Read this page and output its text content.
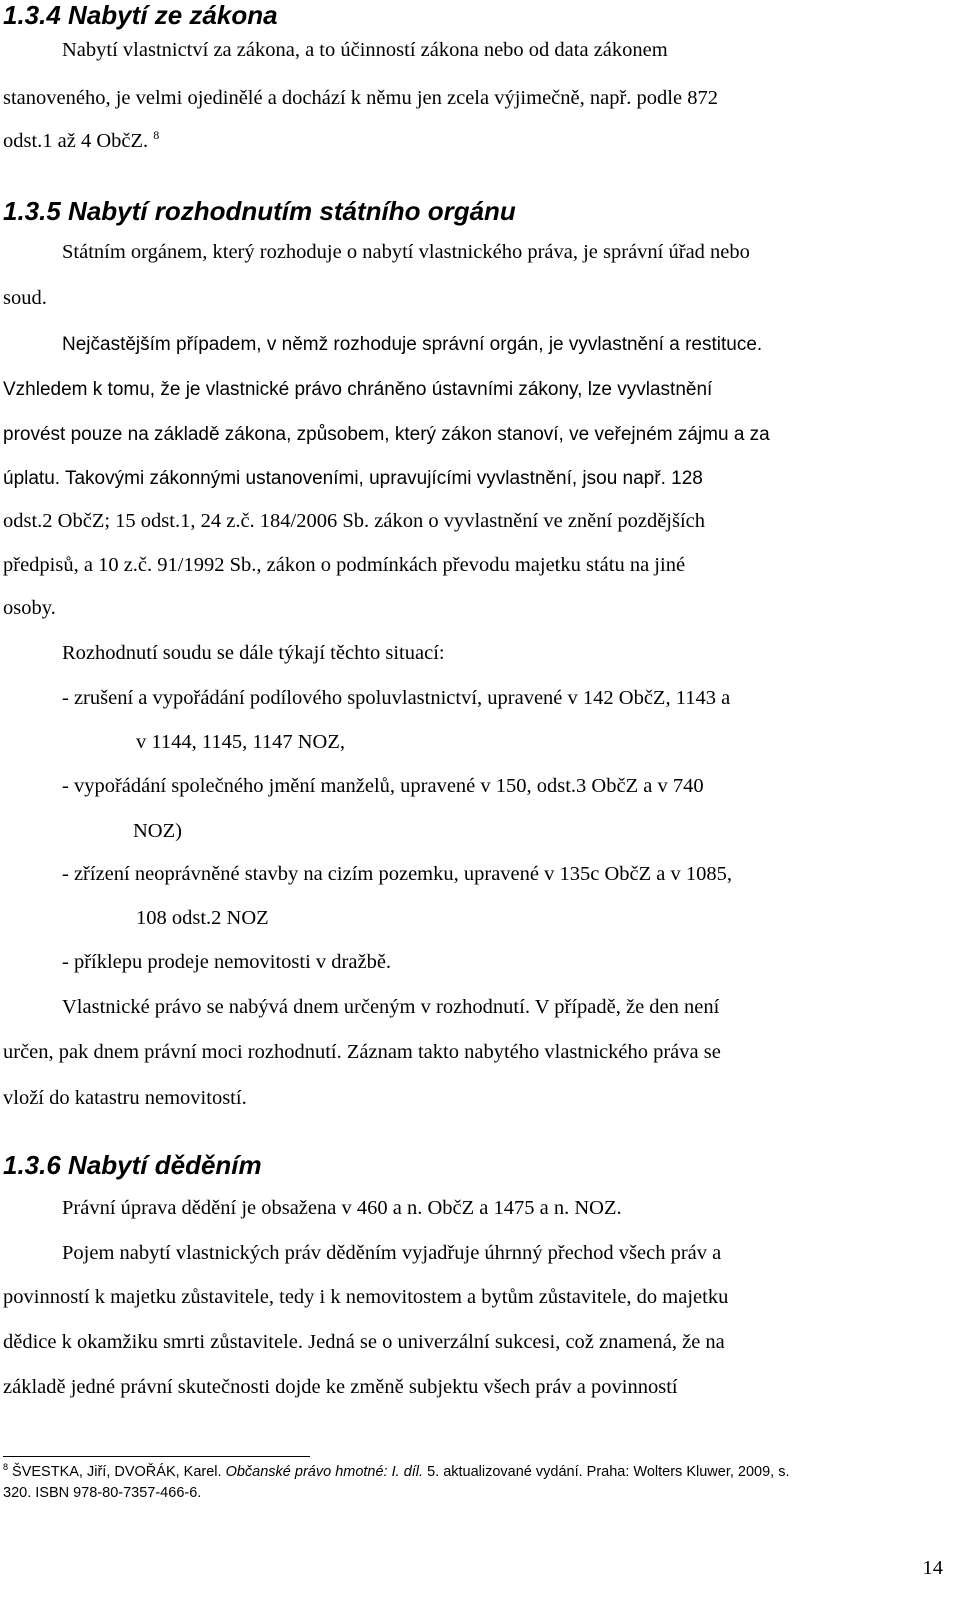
1.3.4 Nabytí ze zákona

Nabytí vlastnictví za zákona, a to účinností zákona nebo od data zákonem

stanoveného, je velmi ojedinělé a dochází k němu jen zcela výjimečně, např. podle 872

odst.1 až 4 ObčZ. $^8$

1.3.5 Nabytí rozhodnutím státního orgánu

Státním orgánem, který rozhoduje o nabytí vlastnického práva, je správní úřad nebo

soud.

Nejčastějším případem, v němž rozhoduje správní orgán, je vyvlastnění a restituce.

Vzhledem k tomu, že je vlastnické právo chráněno ústavními zákony, lze vyvlastnění

provést pouze na základě zákona, způsobem, který zákon stanoví, ve veřejném zájmu a za

úplatu. Takovými zákonnými ustanoveními, upravujícími vyvlastnění, jsou např. 128

odst.2 ObčZ; 15 odst.1, 24 z.č. 184/2006 Sb. zákon o vyvlastnění ve znění pozdějších

předpisů, a 10 z.č. 91/1992 Sb., zákon o podmínkách převodu majetku státu na jiné

osoby.

Rozhodnutí soudu se dále týkají těchto situací:

- zrušení a vypořádání podílového spoluvlastnictví, upravené v 142 ObčZ, 1143 a

v 1144, 1145, 1147 NOZ,

- vypořádání společného jmění manželů, upravené v 150, odst.3 ObčZ a v 740

NOZ)

- zřízení neoprávněné stavby na cizím pozemku, upravené v 135c ObčZ a v 1085,

108 odst.2 NOZ

- příklepu prodeje nemovitosti v dražbě.

Vlastnické právo se nabývá dnem určeným v rozhodnutí. V případě, že den není

určen, pak dnem právní moci rozhodnutí. Záznam takto nabytého vlastnického práva se

vloží do katastru nemovitostí.

1.3.6 Nabytí děděním

Právní úprava dědění je obsažena v 460 a n. ObčZ a 1475 a n. NOZ.

Pojem nabytí vlastnických práv děděním vyjadřuje úhrnný přechod všech práv a

povinností k majetku zůstavitele, tedy i k nemovitostem a bytům zůstavitele, do majetku

dědice k okamžiku smrti zůstavitele. Jedná se o univerzální sukcesi, což znamená, že na

základě jedné právní skutečnosti dojde ke změně subjektu všech práv a povinností

$^8$ ŠVESTKA, Jiří, DVOŘÁK, Karel. Občanské právo hmotné: I. díl. 5. aktualizované vydání. Praha: Wolters Kluwer, 2009, s.
320. ISBN 978-80-7357-466-6.
14
